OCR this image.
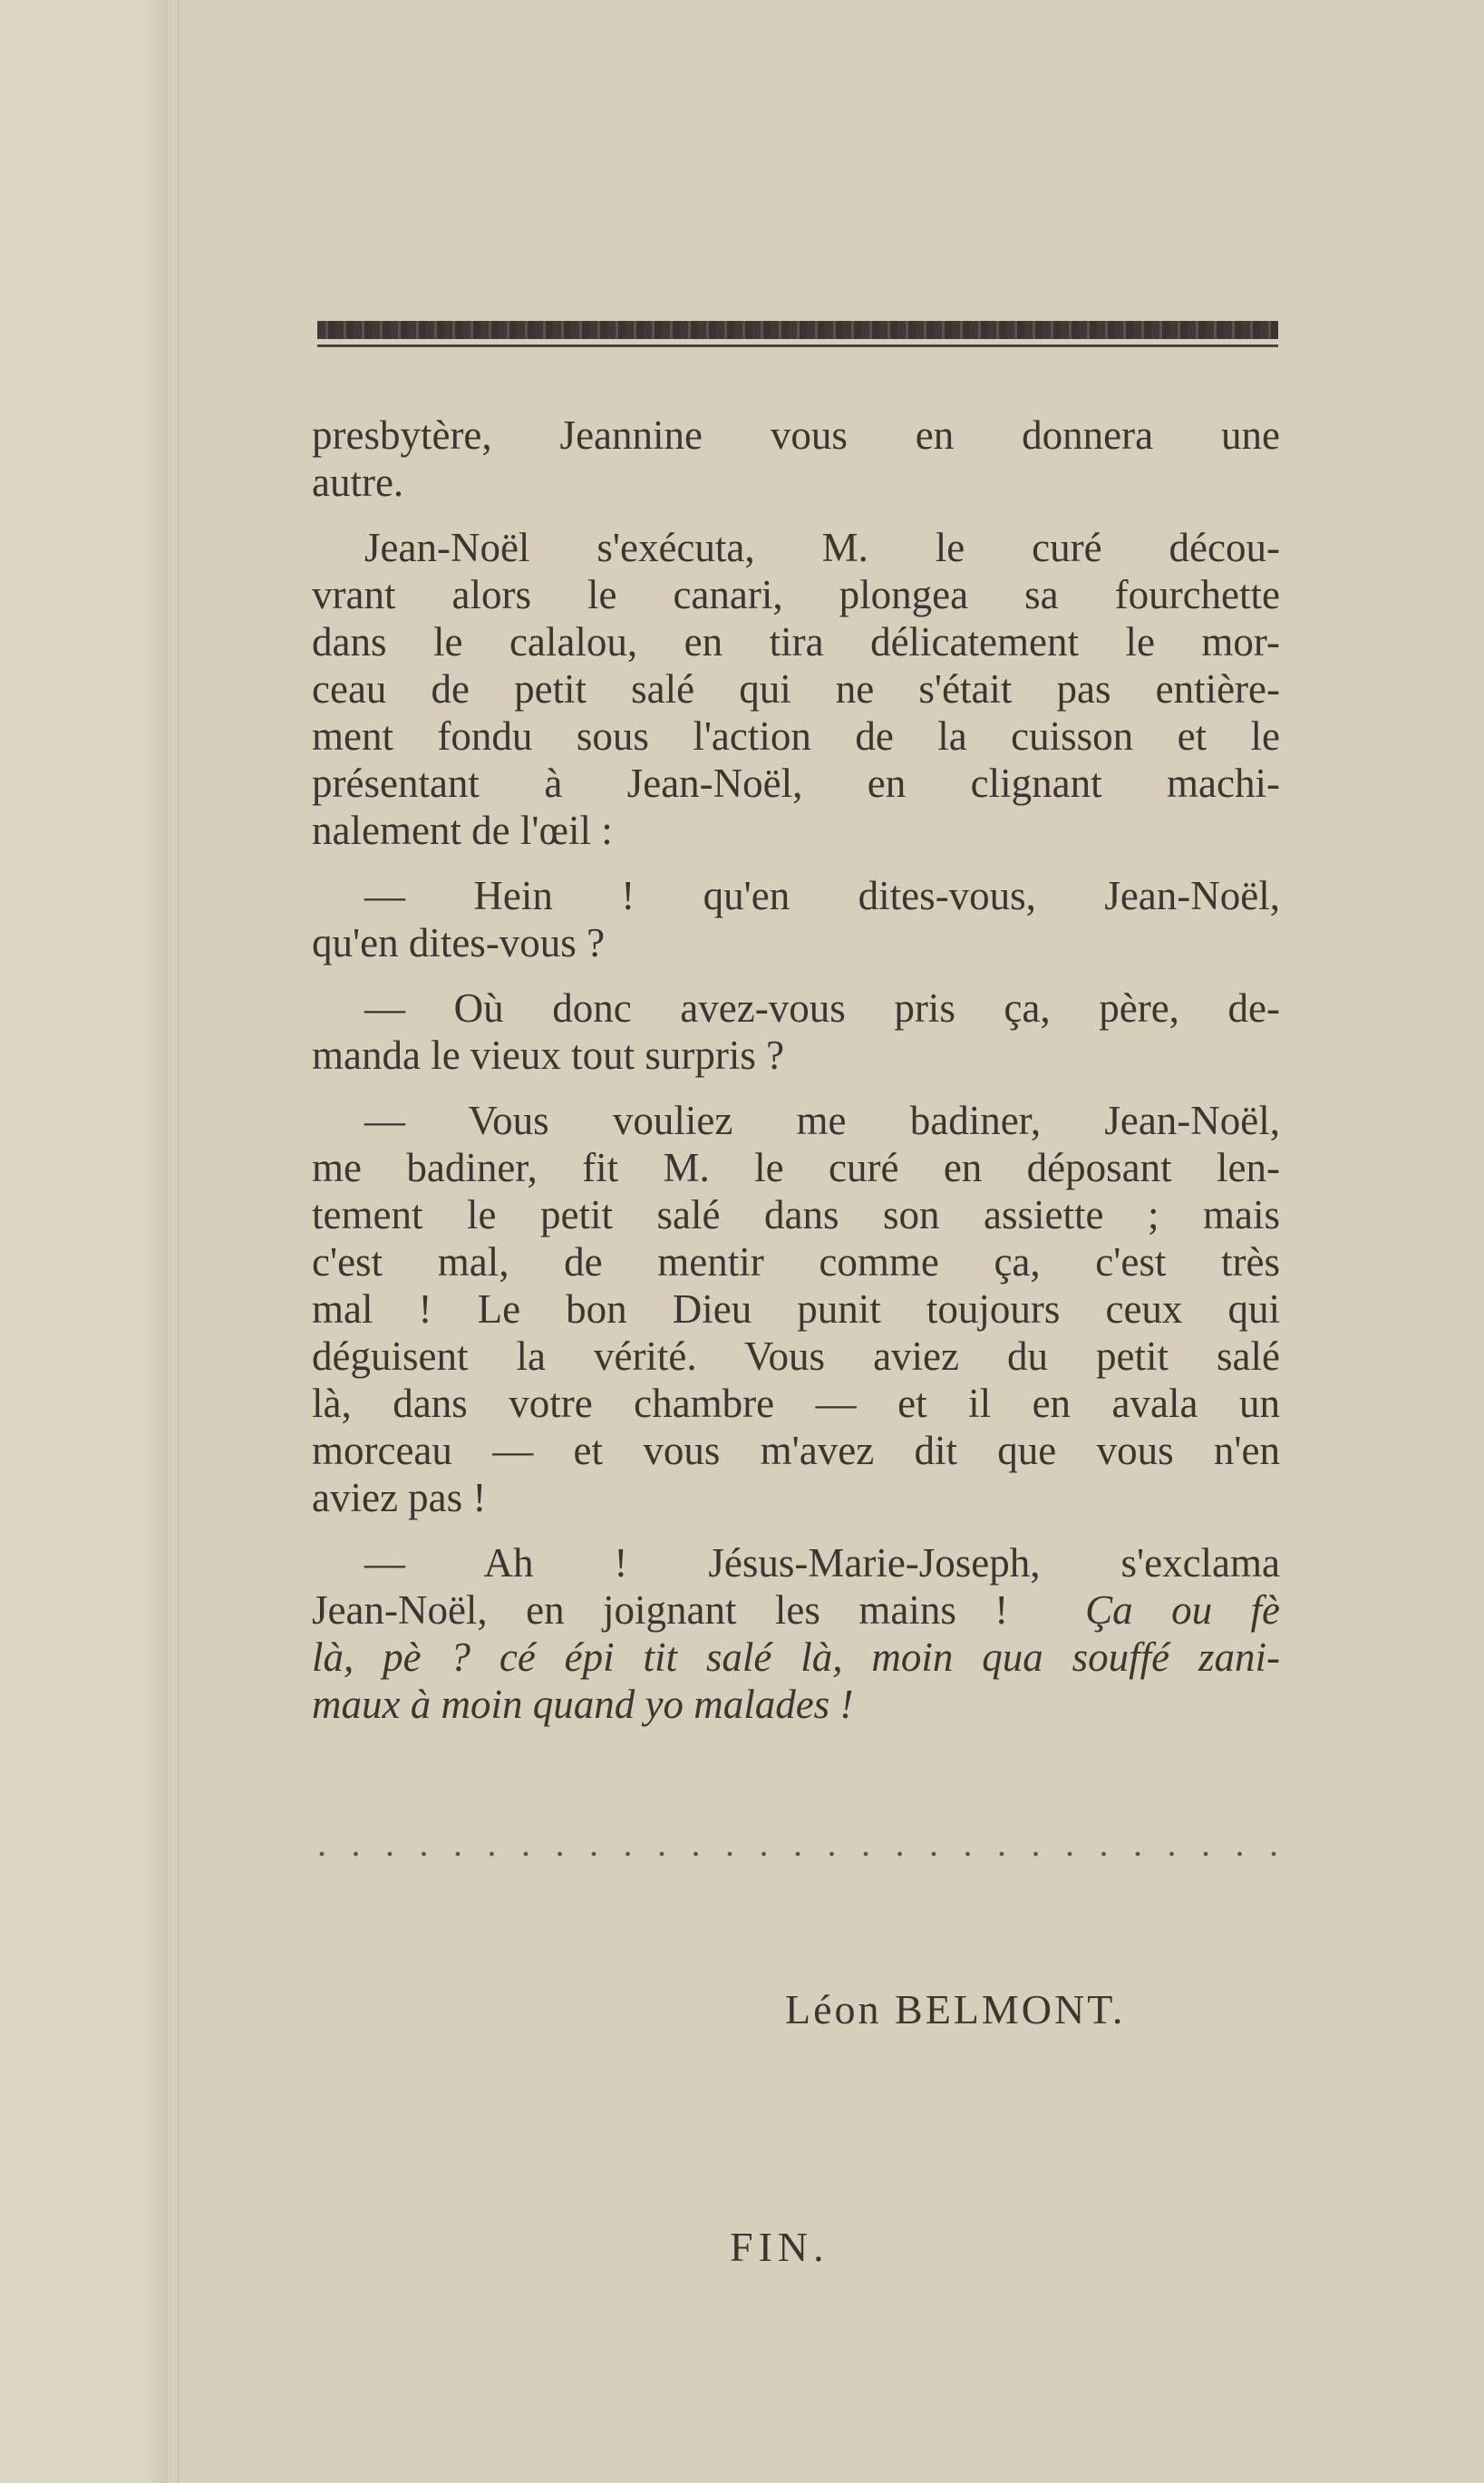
presbytère, Jeannine vous en donnera une
autre.
Jean-Noël s'exécuta, M. le curé décou-
vrant alors le canari, plongea sa fourchette
dans le calalou, en tira délicatement le mor-
ceau de petit salé qui ne s'était pas entière-
ment fondu sous l'action de la cuisson et le
présentant à Jean-Noël, en clignant machi-
nalement de l'œil :
— Hein ! qu'en dites-vous, Jean-Noël,
qu'en dites-vous ?
— Où donc avez-vous pris ça, père, de-
manda le vieux tout surpris ?
— Vous vouliez me badiner, Jean-Noël,
me badiner, fit M. le curé en déposant len-
tement le petit salé dans son assiette ; mais
c'est mal, de mentir comme ça, c'est très
mal ! Le bon Dieu punit toujours ceux qui
déguisent la vérité. Vous aviez du petit salé
là, dans votre chambre — et il en avala un
morceau — et vous m'avez dit que vous n'en
aviez pas !
— Ah ! Jésus-Marie-Joseph, s'exclama
Jean-Noël, en joignant les mains ! Ça ou fè
là, pè ? cé épi tit salé là, moin qua souffé zani-
maux à moin quand yo malades !
. . . . . . . . . . . . . . . . . . . . . . . . . . . . .
Léon BELMONT.
FIN.
